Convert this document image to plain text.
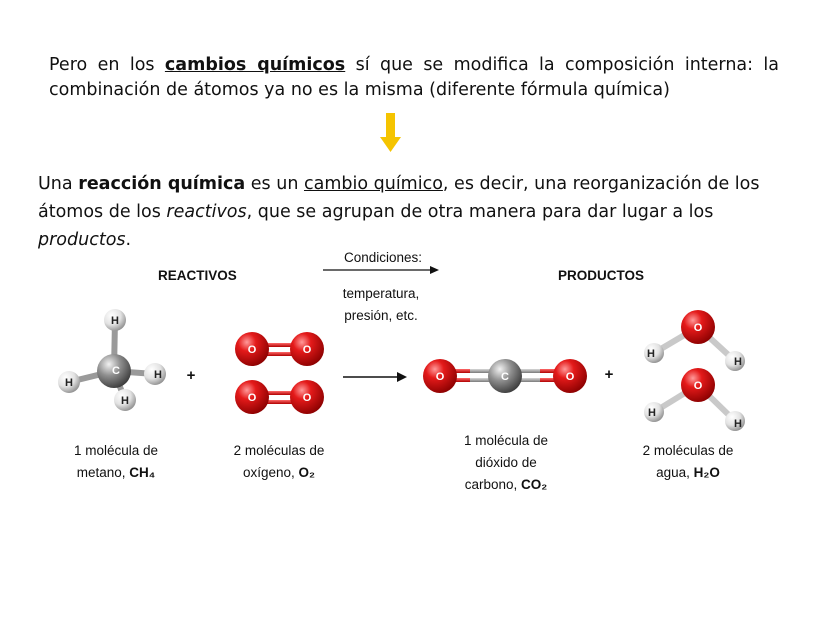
Pero en los cambios químicos sí que se modifica la composición interna: la combinación de átomos ya no es la misma (diferente fórmula química)
H
H
H
C
H
O	O
O	O
O	C	O
H
H
O
H
H
O
+	+
Una reacción química es un cambio químico, es decir, una reorganización de los átomos de los reactivos, que se agrupan de otra manera para dar lugar a los productos.
REACTIVOS	PRODUCTOS
Condiciones:
temperatura,
presión, etc.
1 molécula de
metano, CH₄
2 moléculas de
oxígeno, O₂
1 molécula de
dióxido de
carbono, CO₂
2 moléculas de
agua, H₂O
